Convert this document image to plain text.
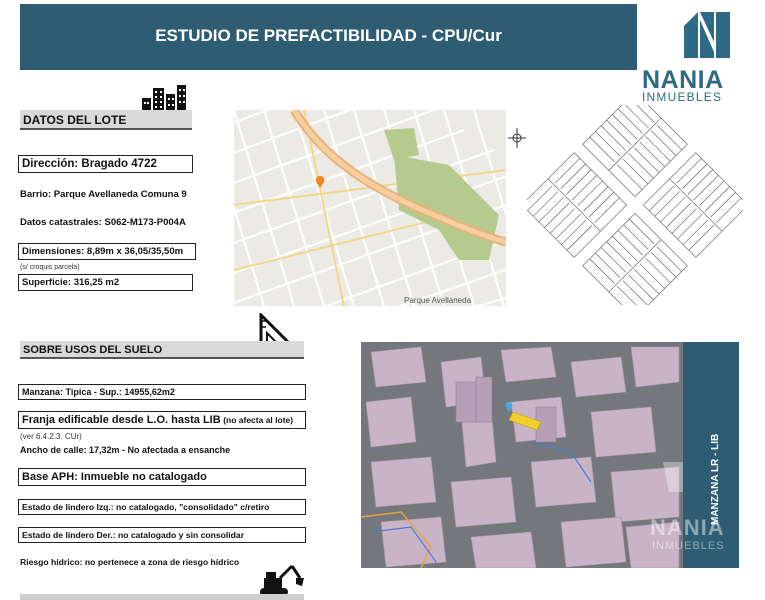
ESTUDIO DE PREFACTIBILIDAD - CPU/Cur
NANIA
INMUEBLES
DATOS DEL LOTE
Dirección: Bragado 4722
Barrio: Parque Avellaneda Comuna 9
Datos catastrales: S062-M173-P004A
Dimensiones: 8,89m x 36,05/35,50m
(s/ croquis parcela)
Superficie: 316,25 m2
Parque Avellaneda
SOBRE USOS DEL SUELO
Manzana: Tipica - Sup.: 14955,62m2
Franja edificable desde L.O. hasta LIB (no afecta al lote)
(ver 6.4.2.3. CUr)
Ancho de calle: 17,32m - No afectada a ensanche
Base APH: Inmueble no catalogado
Estado de lindero Izq.: no catalogado, "consolidado" c/retiro
Estado de lindero Der.: no catalogado y sin consolidar
Riesgo hídrico: no pertenece a zona de riesgo hídrico
MANZANA LR - LIB
NANIA
INMUEBLES
